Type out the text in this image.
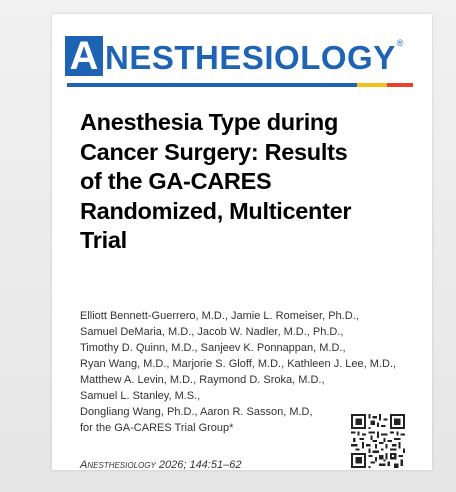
A NESTHESIOLOGY ®
Anesthesia Type during
Cancer Surgery: Results
of the GA-CARES
Randomized, Multicenter
Trial
Elliott Bennett-Guerrero, M.D., Jamie L. Romeiser, Ph.D.,
Samuel DeMaria, M.D., Jacob W. Nadler, M.D., Ph.D.,
Timothy D. Quinn, M.D., Sanjeev K. Ponnappan, M.D.,
Ryan Wang, M.D., Marjorie S. Gloff, M.D., Kathleen J. Lee, M.D.,
Matthew A. Levin, M.D., Raymond D. Sroka, M.D.,
Samuel L. Stanley, M.S.,
Dongliang Wang, Ph.D., Aaron R. Sasson, M.D,
for the GA-CARES Trial Group*
Anesthesiology 2026; 144:51–62
